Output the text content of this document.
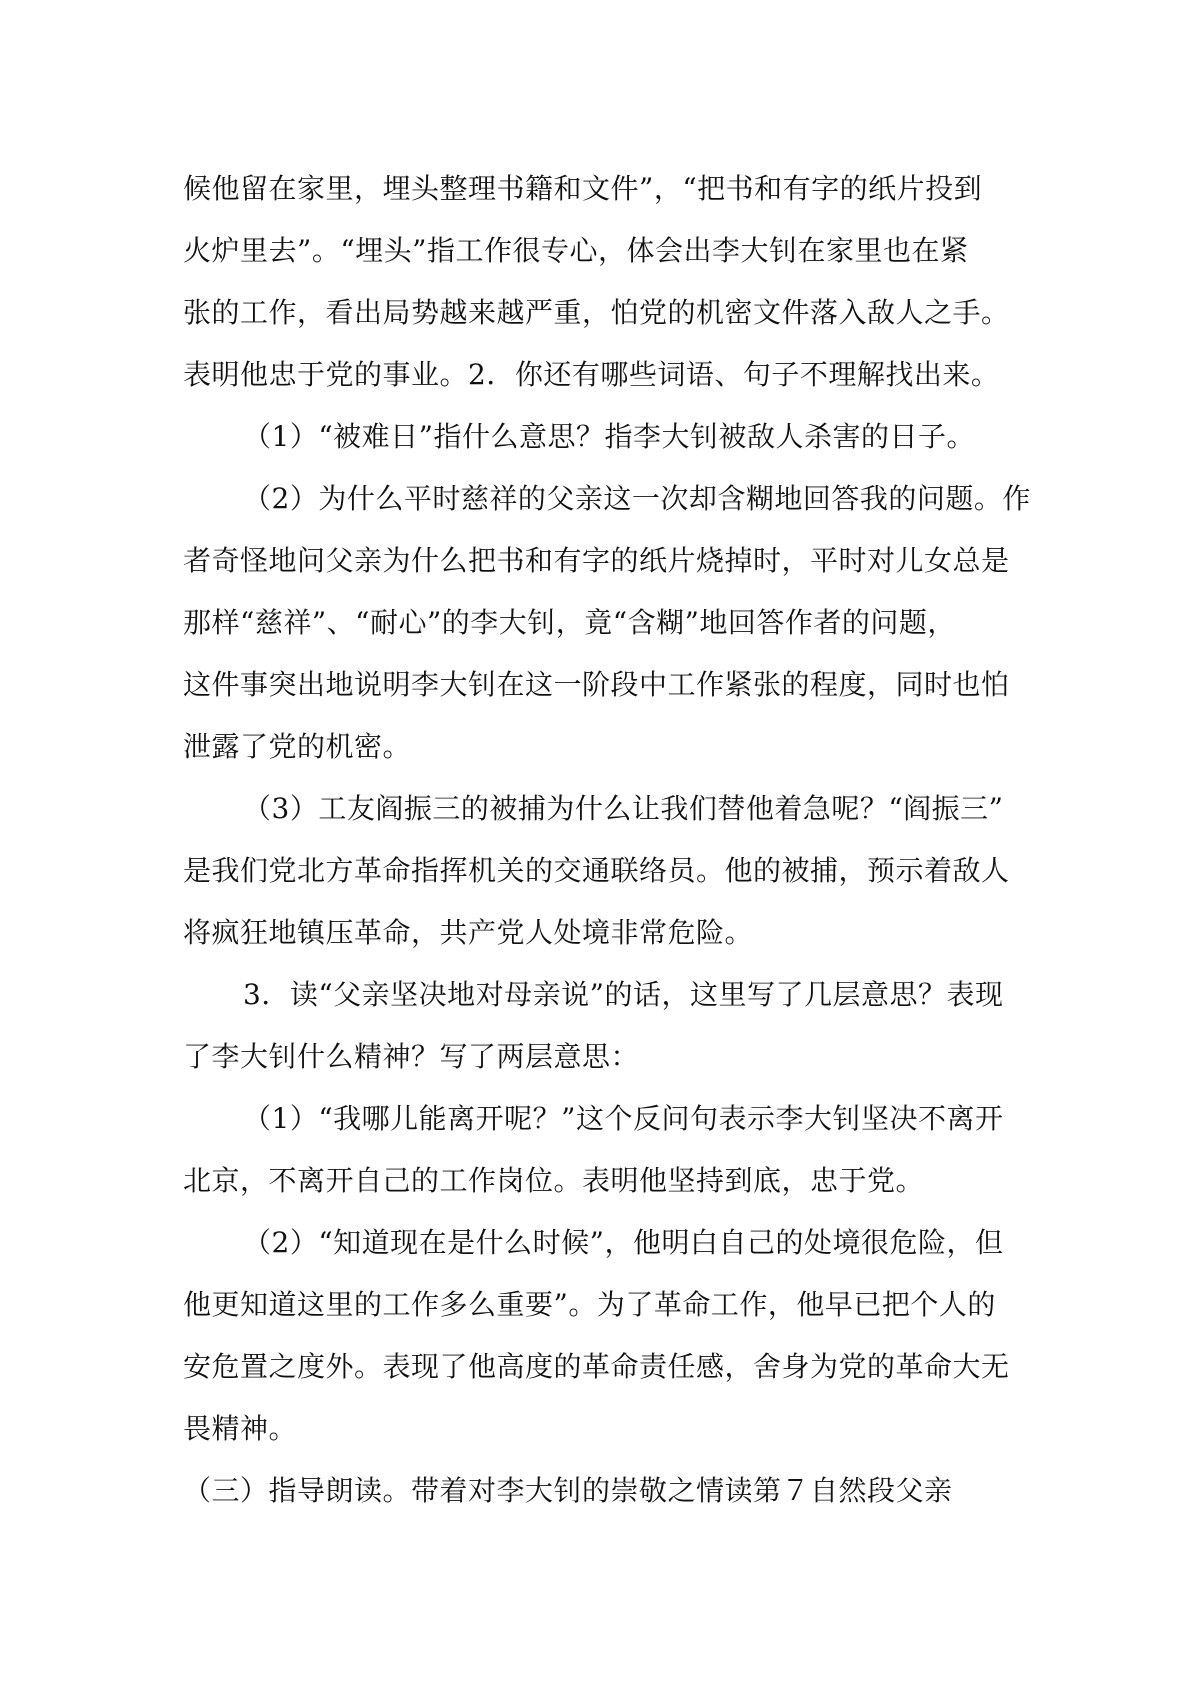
候他留在家里，埋头整理书籍和文件”，“把书和有字的纸片投到
火炉里去”。“埋头”指工作很专心，体会出李大钊在家里也在紧
张的工作，看出局势越来越严重，怕党的机密文件落入敌人之手。
表明他忠于党的事业。2．你还有哪些词语、句子不理解找出来。
（1）“被难日”指什么意思？指李大钊被敌人杀害的日子。
（2）为什么平时慈祥的父亲这一次却含糊地回答我的问题。作
者奇怪地问父亲为什么把书和有字的纸片烧掉时，平时对儿女总是
那样“慈祥”、“耐心”的李大钊，竟“含糊”地回答作者的问题，
这件事突出地说明李大钊在这一阶段中工作紧张的程度，同时也怕
泄露了党的机密。
（3）工友阎振三的被捕为什么让我们替他着急呢？“阎振三”
是我们党北方革命指挥机关的交通联络员。他的被捕，预示着敌人
将疯狂地镇压革命，共产党人处境非常危险。
3．读“父亲坚决地对母亲说”的话，这里写了几层意思？表现
了李大钊什么精神？写了两层意思：
（1）“我哪儿能离开呢？”这个反问句表示李大钊坚决不离开
北京，不离开自己的工作岗位。表明他坚持到底，忠于党。
（2）“知道现在是什么时候”，他明白自己的处境很危险，但
他更知道这里的工作多么重要”。为了革命工作，他早已把个人的
安危置之度外。表现了他高度的革命责任感，舍身为党的革命大无
畏精神。
（三）指导朗读。带着对李大钊的崇敬之情读第７自然段父亲
